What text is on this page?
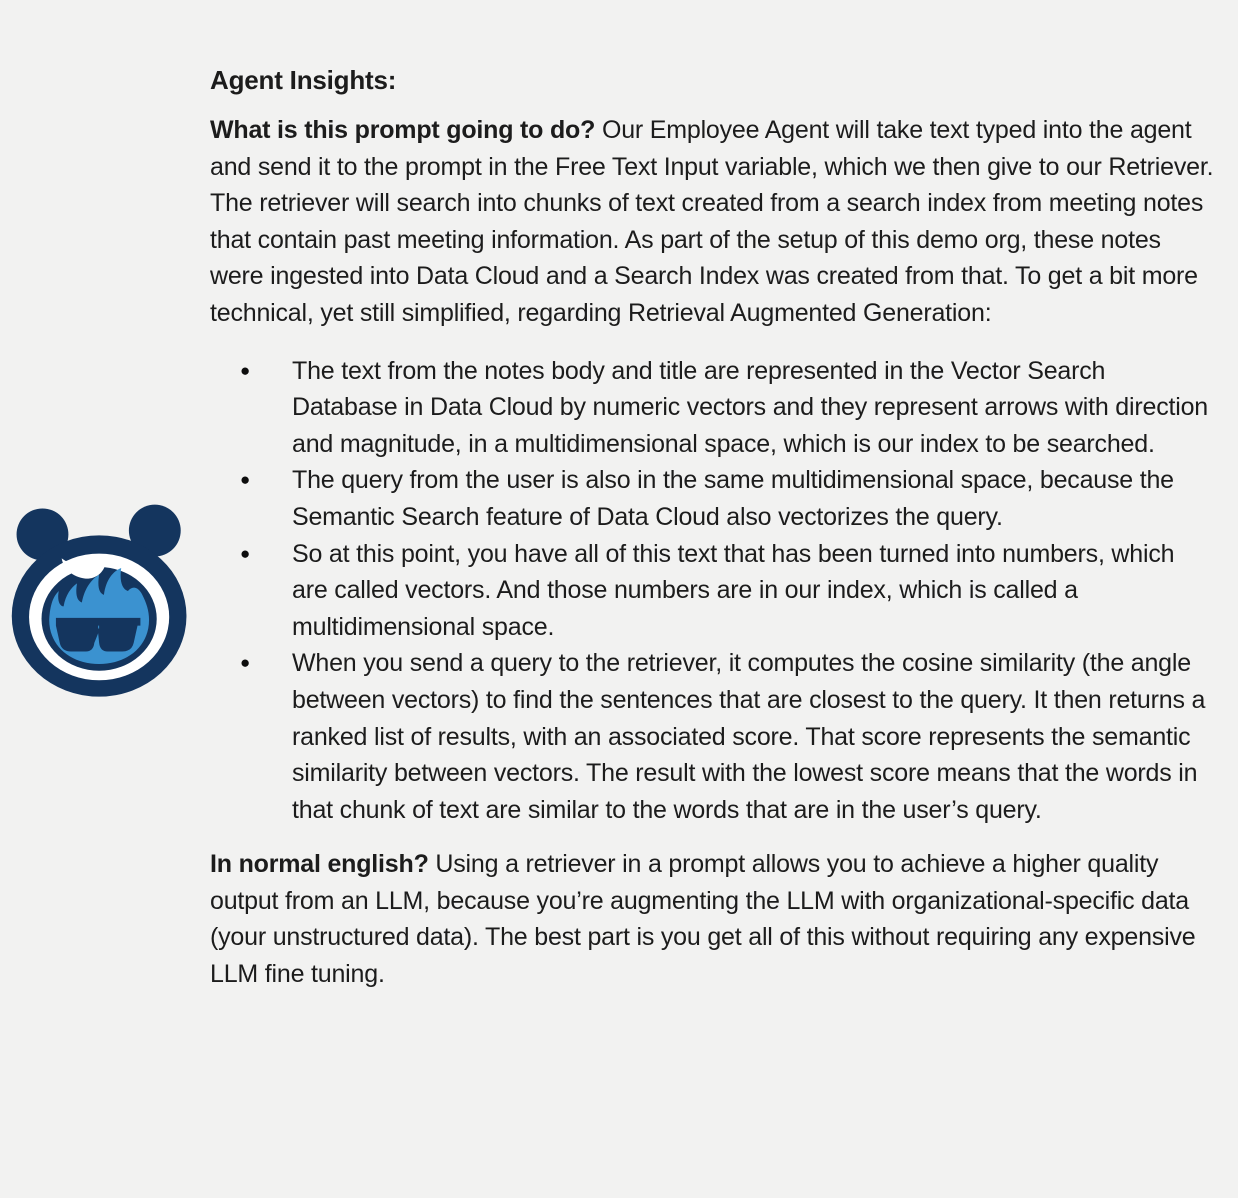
Agent Insights:

What is this prompt going to do? Our Employee Agent will take text typed into the agent and send it to the prompt in the Free Text Input variable, which we then give to our Retriever. The retriever will search into chunks of text created from a search index from meeting notes that contain past meeting information. As part of the setup of this demo org, these notes were ingested into Data Cloud and a Search Index was created from that. To get a bit more technical, yet still simplified, regarding Retrieval Augmented Generation:

●	The text from the notes body and title are represented in the Vector Search Database in Data Cloud by numeric vectors and they represent arrows with direction and magnitude, in a multidimensional space, which is our index to be searched.
●	The query from the user is also in the same multidimensional space, because the Semantic Search feature of Data Cloud also vectorizes the query.
●	So at this point, you have all of this text that has been turned into numbers, which are called vectors. And those numbers are in our index, which is called a multidimensional space.
●	When you send a query to the retriever, it computes the cosine similarity (the angle between vectors) to find the sentences that are closest to the query. It then returns a ranked list of results, with an associated score. That score represents the semantic similarity between vectors. The result with the lowest score means that the words in that chunk of text are similar to the words that are in the user’s query.

In normal english? Using a retriever in a prompt allows you to achieve a higher quality output from an LLM, because you’re augmenting the LLM with organizational-specific data (your unstructured data). The best part is you get all of this without requiring any expensive LLM fine tuning.
